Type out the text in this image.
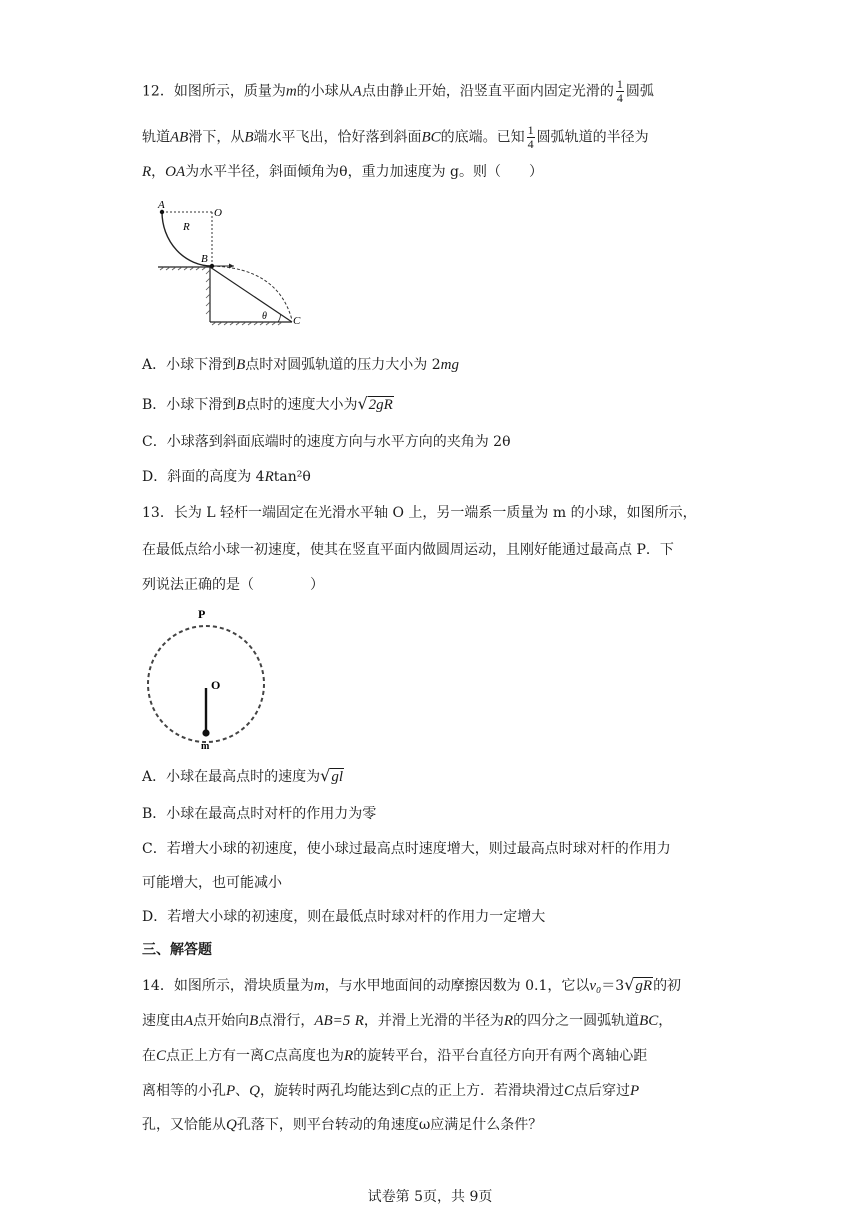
12．如图所示，质量为m的小球从A点由静止开始，沿竖直平面内固定光滑的 $\frac{1}{4}$ 圆弧
轨道AB滑下，从B端水平飞出，恰好落到斜面BC的底端。已知 $\frac{1}{4}$ 圆弧轨道的半径为
R，OA为水平半径，斜面倾角为θ，重力加速度为 g。则（　　）
A
O
R
B
C
θ
A．小球下滑到B点时对圆弧轨道的压力大小为 2mg
B．小球下滑到B点时的速度大小为√2gR
C．小球落到斜面底端时的速度方向与水平方向的夹角为 2θ
D．斜面的高度为 4Rtan²θ
13．长为 L 轻杆一端固定在光滑水平轴 O 上，另一端系一质量为 m 的小球，如图所示，
在最低点给小球一初速度，使其在竖直平面内做圆周运动，且刚好能通过最高点 P．下
列说法正确的是（　　　　）
P
O
m
A．小球在最高点时的速度为√gl
B．小球在最高点时对杆的作用力为零
C．若增大小球的初速度，使小球过最高点时速度增大，则过最高点时球对杆的作用力
可能增大，也可能减小
D．若增大小球的初速度，则在最低点时球对杆的作用力一定增大
三、解答题
14．如图所示，滑块质量为m，与水甲地面间的动摩擦因数为 0.1，它以v₀＝3√gR的初
速度由A点开始向B点滑行，AB=5 R，并滑上光滑的半径为R的四分之一圆弧轨道BC，
在C点正上方有一离C点高度也为R的旋转平台，沿平台直径方向开有两个离轴心距
离相等的小孔P、Q，旋转时两孔均能达到C点的正上方．若滑块滑过C点后穿过P
孔，又恰能从Q孔落下，则平台转动的角速度ω应满足什么条件？
试卷第 5页，共 9页
